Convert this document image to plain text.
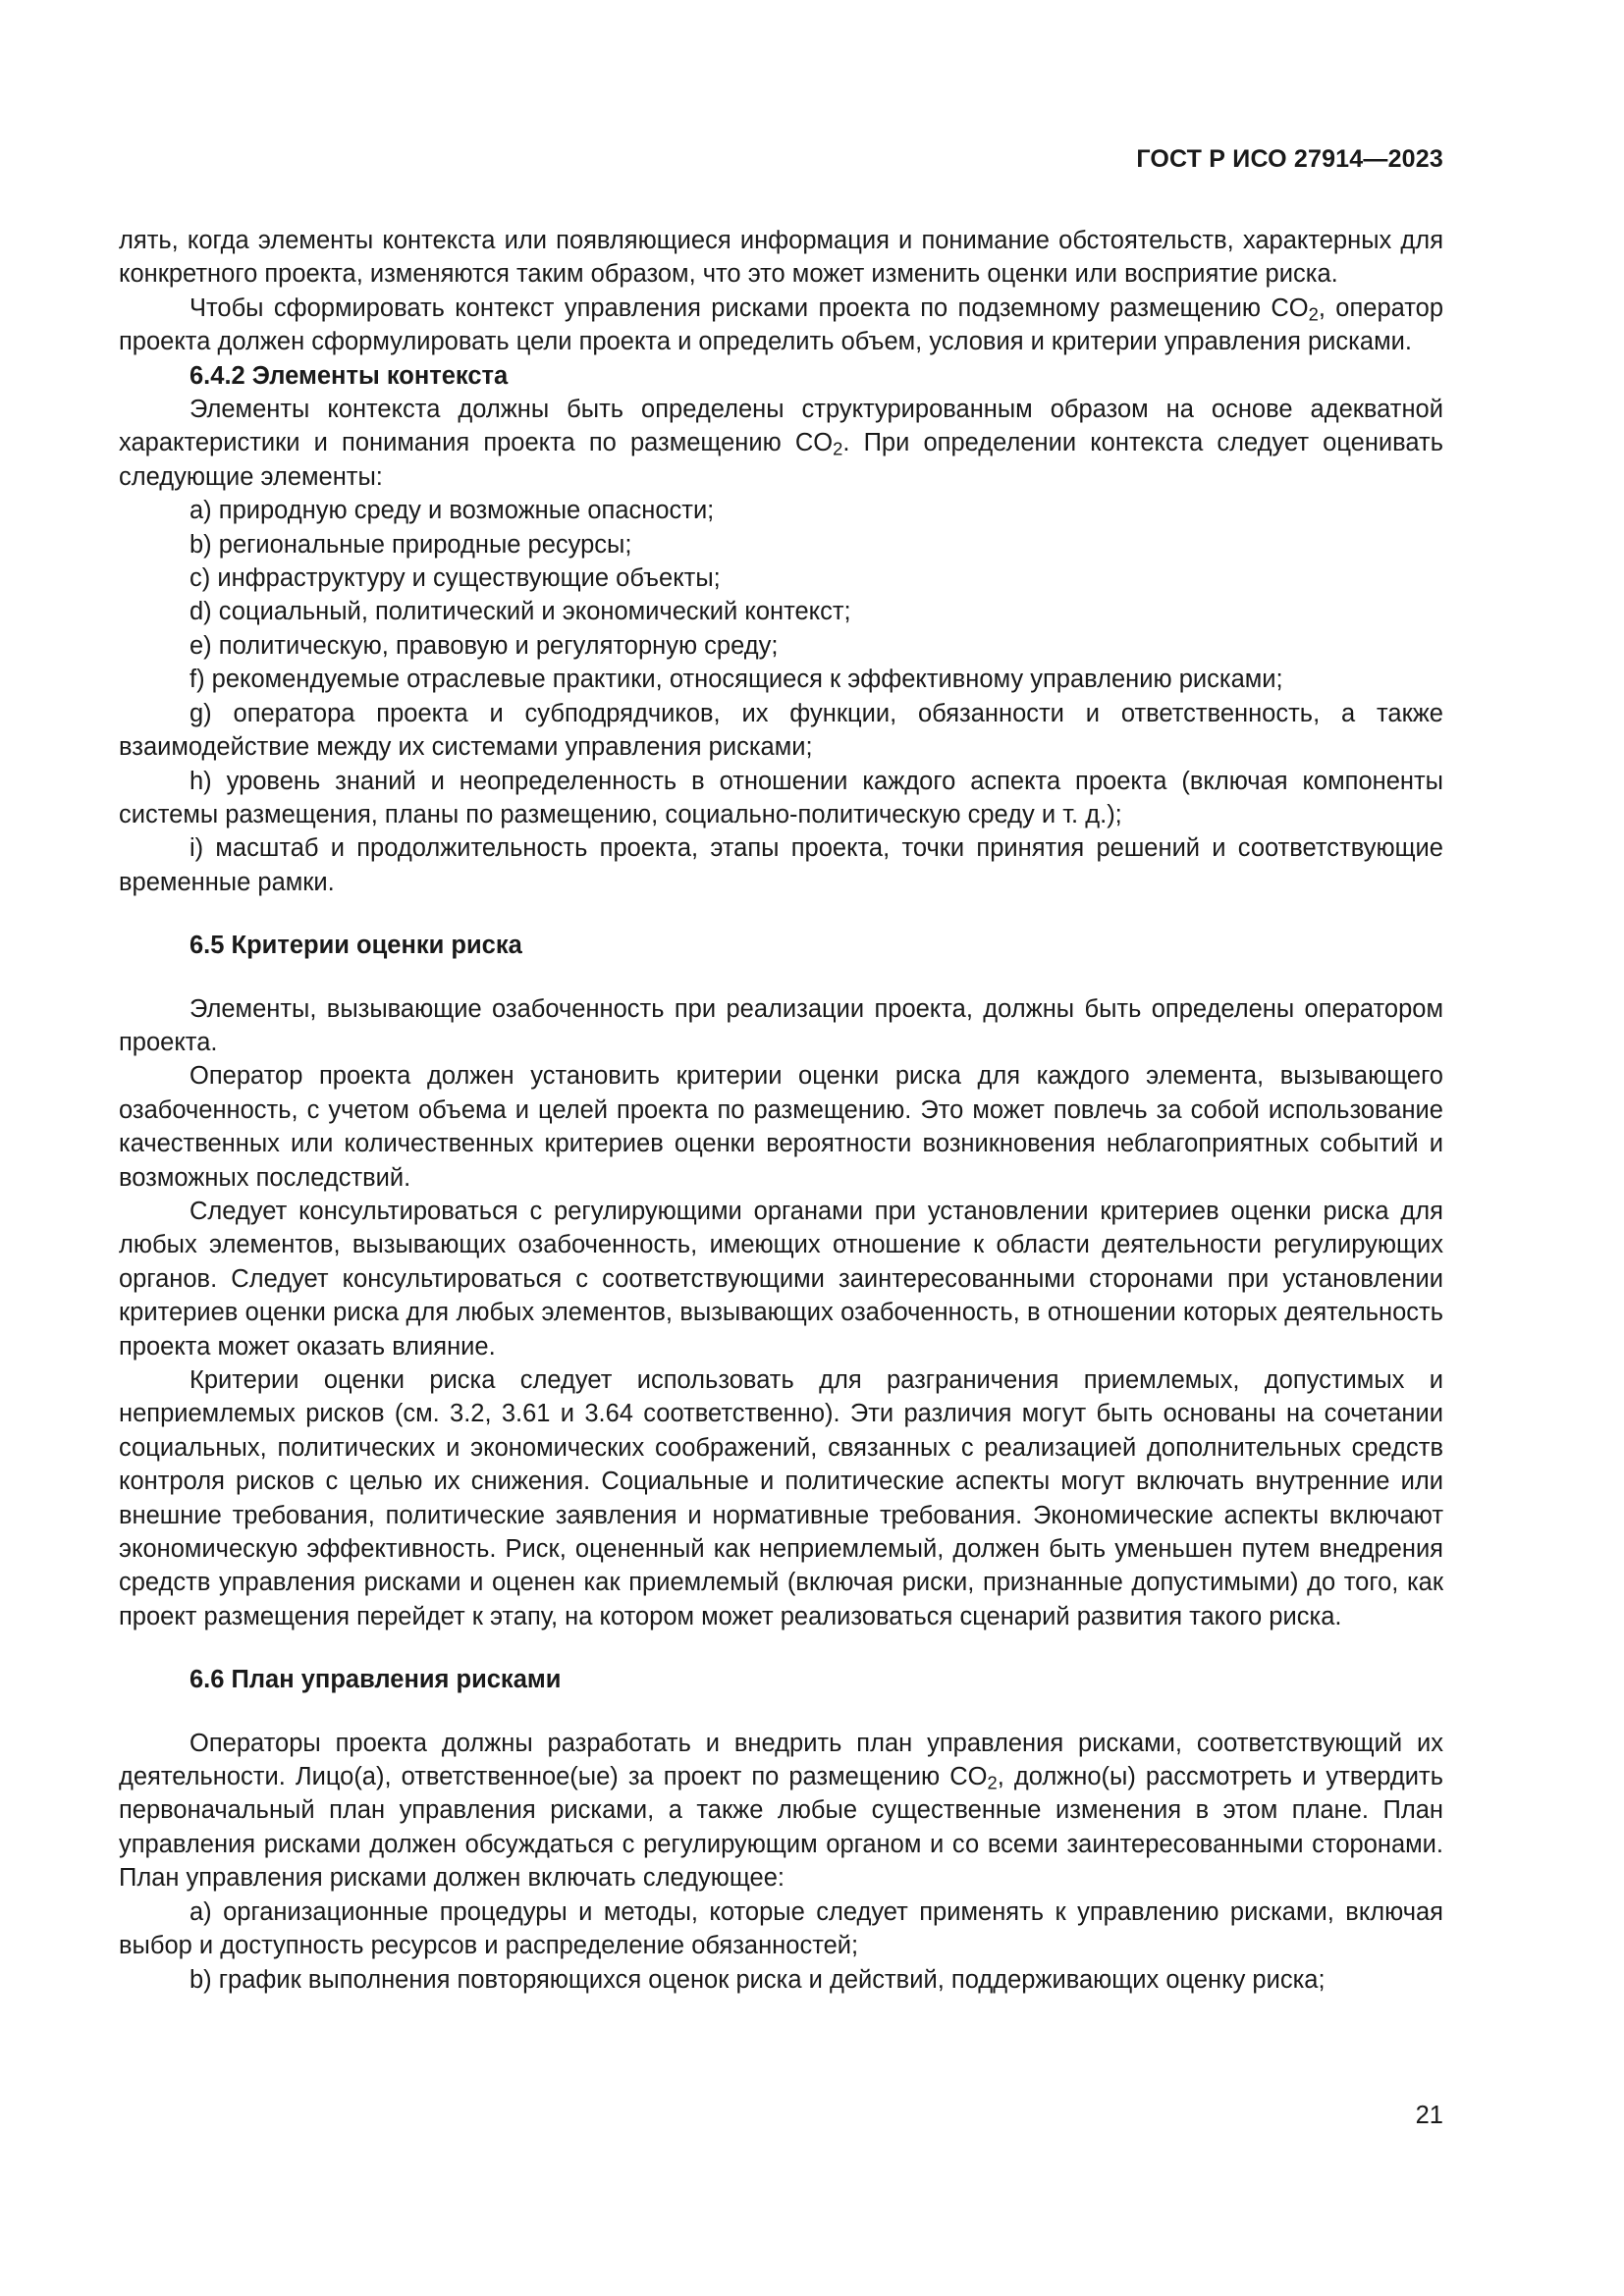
ГОСТ Р ИСО 27914—2023

лять, когда элементы контекста или появляющиеся информация и понимание обстоятельств, характерных для конкретного проекта, изменяются таким образом, что это может изменить оценки или восприятие риска.

Чтобы сформировать контекст управления рисками проекта по подземному размещению $CO_2$, оператор проекта должен сформулировать цели проекта и определить объем, условия и критерии управления рисками.

6.4.2 Элементы контекста

Элементы контекста должны быть определены структурированным образом на основе адекватной характеристики и понимания проекта по размещению $CO_2$. При определении контекста следует оценивать следующие элементы:

a) природную среду и возможные опасности;

b) региональные природные ресурсы;

c) инфраструктуру и существующие объекты;

d) социальный, политический и экономический контекст;

e) политическую, правовую и регуляторную среду;

f) рекомендуемые отраслевые практики, относящиеся к эффективному управлению рисками;

g) оператора проекта и субподрядчиков, их функции, обязанности и ответственность, а также взаимодействие между их системами управления рисками;

h) уровень знаний и неопределенность в отношении каждого аспекта проекта (включая компоненты системы размещения, планы по размещению, социально-политическую среду и т. д.);

i) масштаб и продолжительность проекта, этапы проекта, точки принятия решений и соответствующие временные рамки.

6.5 Критерии оценки риска

Элементы, вызывающие озабоченность при реализации проекта, должны быть определены оператором проекта.

Оператор проекта должен установить критерии оценки риска для каждого элемента, вызывающего озабоченность, с учетом объема и целей проекта по размещению. Это может повлечь за собой использование качественных или количественных критериев оценки вероятности возникновения неблагоприятных событий и возможных последствий.

Следует консультироваться с регулирующими органами при установлении критериев оценки риска для любых элементов, вызывающих озабоченность, имеющих отношение к области деятельности регулирующих органов. Следует консультироваться с соответствующими заинтересованными сторонами при установлении критериев оценки риска для любых элементов, вызывающих озабоченность, в отношении которых деятельность проекта может оказать влияние.

Критерии оценки риска следует использовать для разграничения приемлемых, допустимых и неприемлемых рисков (см. 3.2, 3.61 и 3.64 соответственно). Эти различия могут быть основаны на сочетании социальных, политических и экономических соображений, связанных с реализацией дополнительных средств контроля рисков с целью их снижения. Социальные и политические аспекты могут включать внутренние или внешние требования, политические заявления и нормативные требования. Экономические аспекты включают экономическую эффективность. Риск, оцененный как неприемлемый, должен быть уменьшен путем внедрения средств управления рисками и оценен как приемлемый (включая риски, признанные допустимыми) до того, как проект размещения перейдет к этапу, на котором может реализоваться сценарий развития такого риска.

6.6 План управления рисками

Операторы проекта должны разработать и внедрить план управления рисками, соответствующий их деятельности. Лицо(а), ответственное(ые) за проект по размещению $CO_2$, должно(ы) рассмотреть и утвердить первоначальный план управления рисками, а также любые существенные изменения в этом плане. План управления рисками должен обсуждаться с регулирующим органом и со всеми заинтересованными сторонами. План управления рисками должен включать следующее:

a) организационные процедуры и методы, которые следует применять к управлению рисками, включая выбор и доступность ресурсов и распределение обязанностей;

b) график выполнения повторяющихся оценок риска и действий, поддерживающих оценку риска;

21
